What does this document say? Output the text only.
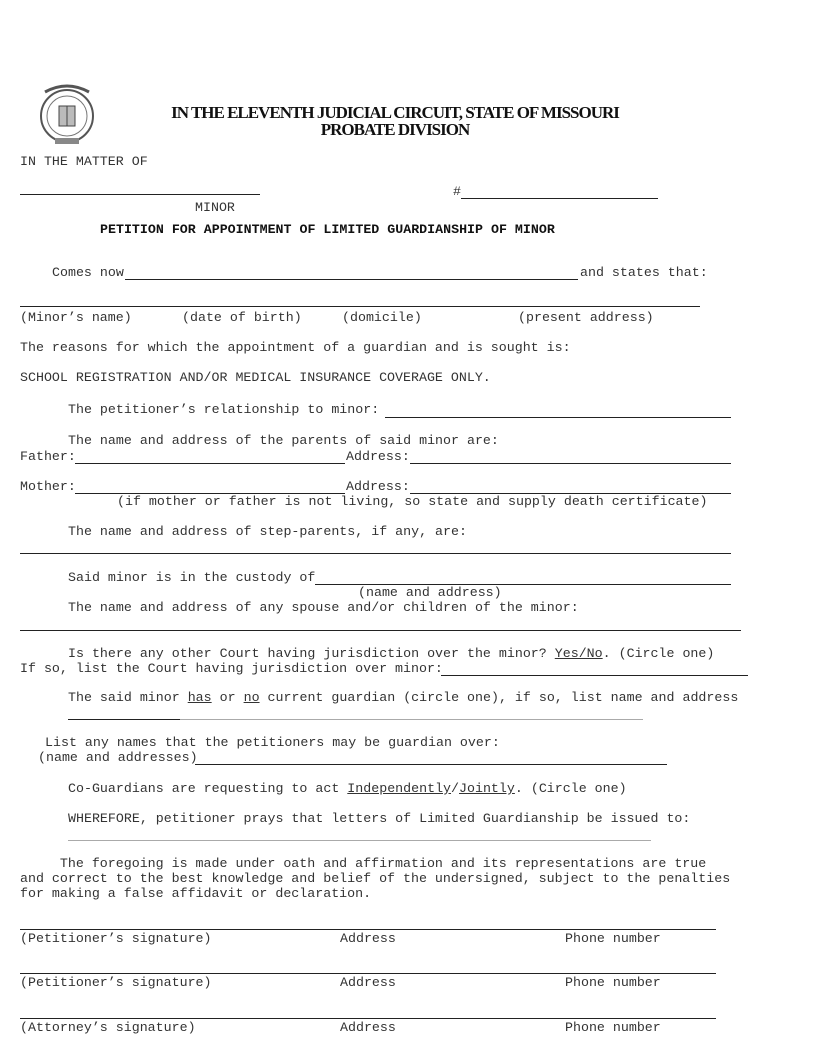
IN THE ELEVENTH JUDICIAL CIRCUIT, STATE OF MISSOURI
PROBATE DIVISION
IN THE MATTER OF
#
MINOR
PETITION FOR APPOINTMENT OF LIMITED GUARDIANSHIP OF MINOR
Comes now	and states that:
(Minor’s name)	(date of birth)	(domicile)	(present address)
The reasons for which the appointment of a guardian and is sought is:
SCHOOL REGISTRATION AND/OR MEDICAL INSURANCE COVERAGE ONLY.
The petitioner’s relationship to minor:
The name and address of the parents of said minor are:
Father:	Address:
Mother:	Address:
(if mother or father is not living, so state and supply death certificate)
The name and address of step-parents, if any, are:
Said minor is in the custody of
(name and address)
The name and address of any spouse and/or children of the minor:
Is there any other Court having jurisdiction over the minor? Yes/No. (Circle one)
If so, list the Court having jurisdiction over minor:
The said minor has or no current guardian (circle one), if so, list name and address
List any names that the petitioners may be guardian over:
(name and addresses)
Co-Guardians are requesting to act Independently/Jointly. (Circle one)
WHEREFORE, petitioner prays that letters of Limited Guardianship be issued to:
The foregoing is made under oath and affirmation and its representations are true
and correct to the best knowledge and belief of the undersigned, subject to the penalties
for making a false affidavit or declaration.
(Petitioner’s signature)	Address	Phone number
(Petitioner’s signature)	Address	Phone number
(Attorney’s signature)	Address	Phone number
